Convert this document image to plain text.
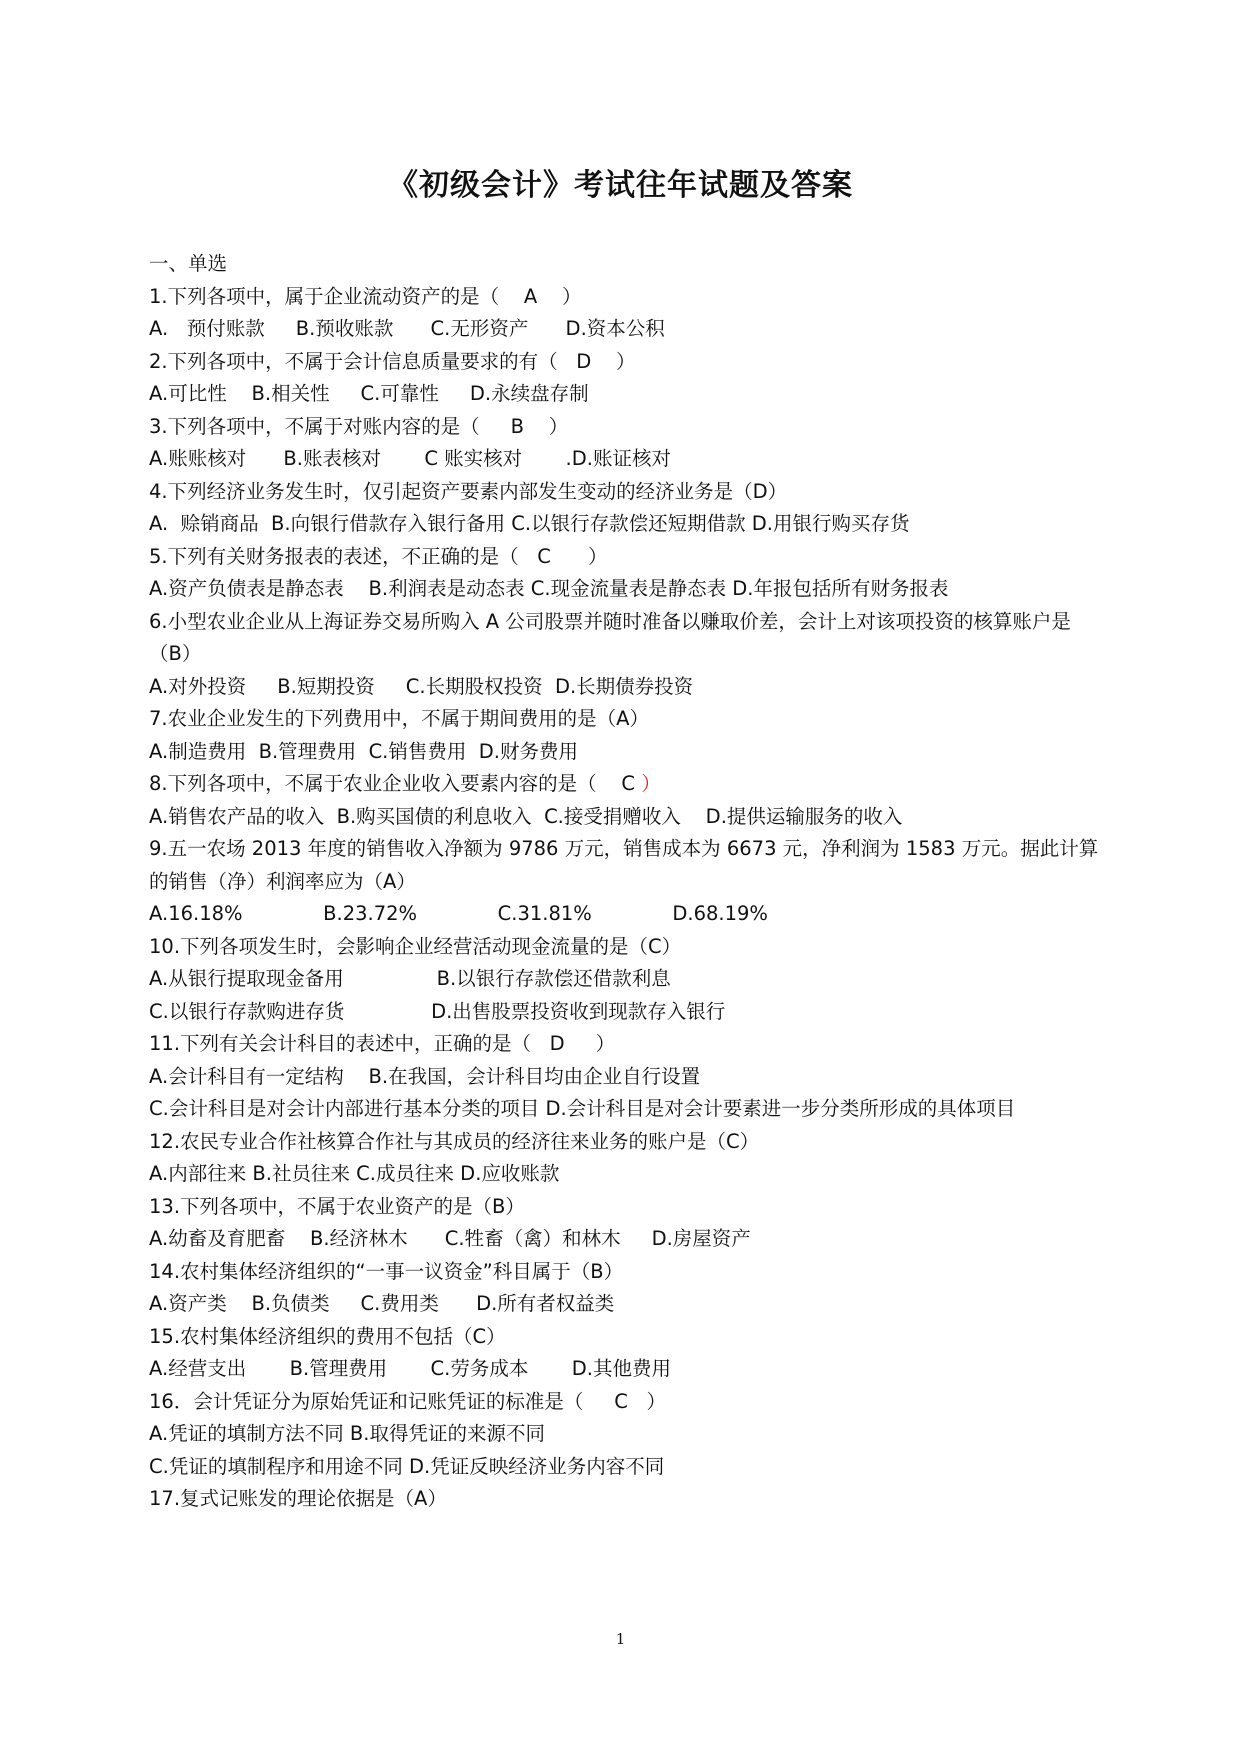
《初级会计》考试往年试题及答案
一、单选
1.下列各项中，属于企业流动资产的是（    A    ）
A.   预付账款     B.预收账款      C.无形资产      D.资本公积
2.下列各项中，不属于会计信息质量要求的有（   D    ）
A.可比性    B.相关性     C.可靠性     D.永续盘存制
3.下列各项中，不属于对账内容的是（     B    ）
A.账账核对      B.账表核对       C 账实核对       .D.账证核对
4.下列经济业务发生时，仅引起资产要素内部发生变动的经济业务是（D）
A.  赊销商品  B.向银行借款存入银行备用 C.以银行存款偿还短期借款 D.用银行购买存货
5.下列有关财务报表的表述，不正确的是（   C      ）
A.资产负债表是静态表    B.利润表是动态表 C.现金流量表是静态表 D.年报包括所有财务报表
6.小型农业企业从上海证券交易所购入 A 公司股票并随时准备以赚取价差，会计上对该项投资的核算账户是（B）
A.对外投资     B.短期投资     C.长期股权投资  D.长期债券投资
7.农业企业发生的下列费用中，不属于期间费用的是（A）
A.制造费用  B.管理费用  C.销售费用  D.财务费用
8.下列各项中，不属于农业企业收入要素内容的是（    C ）
A.销售农产品的收入  B.购买国债的利息收入  C.接受捐赠收入    D.提供运输服务的收入
9.五一农场 2013 年度的销售收入净额为 9786 万元，销售成本为 6673 元，净利润为 1583 万元。据此计算的销售（净）利润率应为（A）
A.16.18%             B.23.72%             C.31.81%             D.68.19%
10.下列各项发生时，会影响企业经营活动现金流量的是（C）
A.从银行提取现金备用               B.以银行存款偿还借款利息
C.以银行存款购进存货              D.出售股票投资收到现款存入银行
11.下列有关会计科目的表述中，正确的是（   D     ）
A.会计科目有一定结构    B.在我国，会计科目均由企业自行设置
C.会计科目是对会计内部进行基本分类的项目 D.会计科目是对会计要素进一步分类所形成的具体项目
12.农民专业合作社核算合作社与其成员的经济往来业务的账户是（C）
A.内部往来 B.社员往来 C.成员往来 D.应收账款
13.下列各项中，不属于农业资产的是（B）
A.幼畜及育肥畜    B.经济林木      C.牲畜（禽）和林木     D.房屋资产
14.农村集体经济组织的“一事一议资金”科目属于（B）
A.资产类    B.负债类     C.费用类      D.所有者权益类
15.农村集体经济组织的费用不包括（C）
A.经营支出       B.管理费用       C.劳务成本       D.其他费用
16．会计凭证分为原始凭证和记账凭证的标准是（     C   ）
A.凭证的填制方法不同 B.取得凭证的来源不同
C.凭证的填制程序和用途不同 D.凭证反映经济业务内容不同
17.复式记账发的理论依据是（A）
1
